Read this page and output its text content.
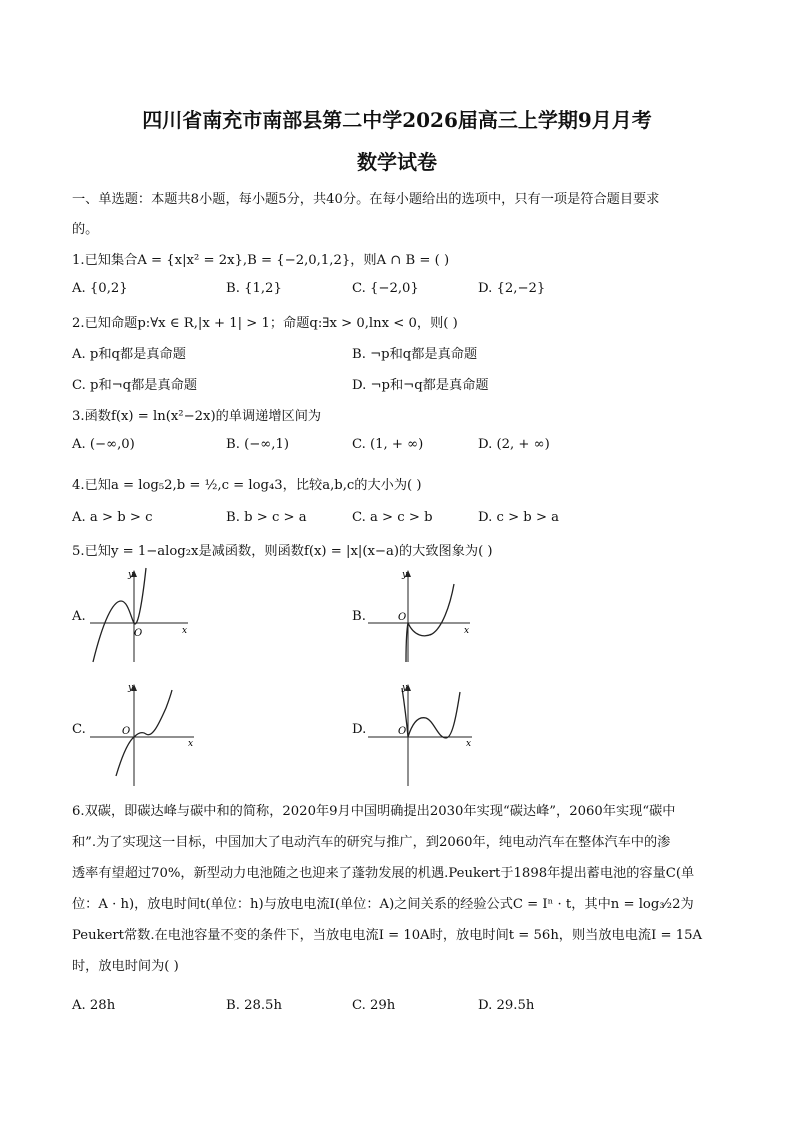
四川省南充市南部县第二中学2026届高三上学期9月月考
数学试卷
一、单选题：本题共8小题，每小题5分，共40分。在每小题给出的选项中，只有一项是符合题目要求
的。
1.已知集合A = {x|x² = 2x},B = {−2,0,1,2}，则A ∩ B = ( )
A. {0,2}	B. {1,2}	C. {−2,0}	D. {2,−2}
2.已知命题p:∀x ∈ R,|x + 1| > 1；命题q:∃x > 0,lnx < 0，则( )
A. p和q都是真命题	B. ¬p和q都是真命题
C. p和¬q都是真命题	D. ¬p和¬q都是真命题
3.函数f(x) = ln(x²−2x)的单调递增区间为
A. (−∞,0)	B. (−∞,1)	C. (1, + ∞)	D. (2, + ∞)
4.已知a = log₅2,b = ½,c = log₄3，比较a,b,c的大小为( )
A. a > b > c	B. b > c > a	C. a > c > b	D. c > b > a
5.已知y = 1−alog₂x是减函数，则函数f(x) = |x|(x−a)的大致图象为( )
A.
y
O	x
B.
y
O
x
C.
y
O
x
D.
y
O
x
6.双碳，即碳达峰与碳中和的简称，2020年9月中国明确提出2030年实现“碳达峰”，2060年实现“碳中
和”.为了实现这一目标，中国加大了电动汽车的研究与推广，到2060年，纯电动汽车在整体汽车中的渗
透率有望超过70%，新型动力电池随之也迎来了蓬勃发展的机遇.Peukert于1898年提出蓄电池的容量C(单
位：A · h)，放电时间t(单位：h)与放电电流I(单位：A)之间关系的经验公式C = Iⁿ · t，其中n = log₃⁄₂2为
Peukert常数.在电池容量不变的条件下，当放电电流I = 10A时，放电时间t = 56h，则当放电电流I = 15A
时，放电时间为( )
A. 28h	B. 28.5h	C. 29h	D. 29.5h
